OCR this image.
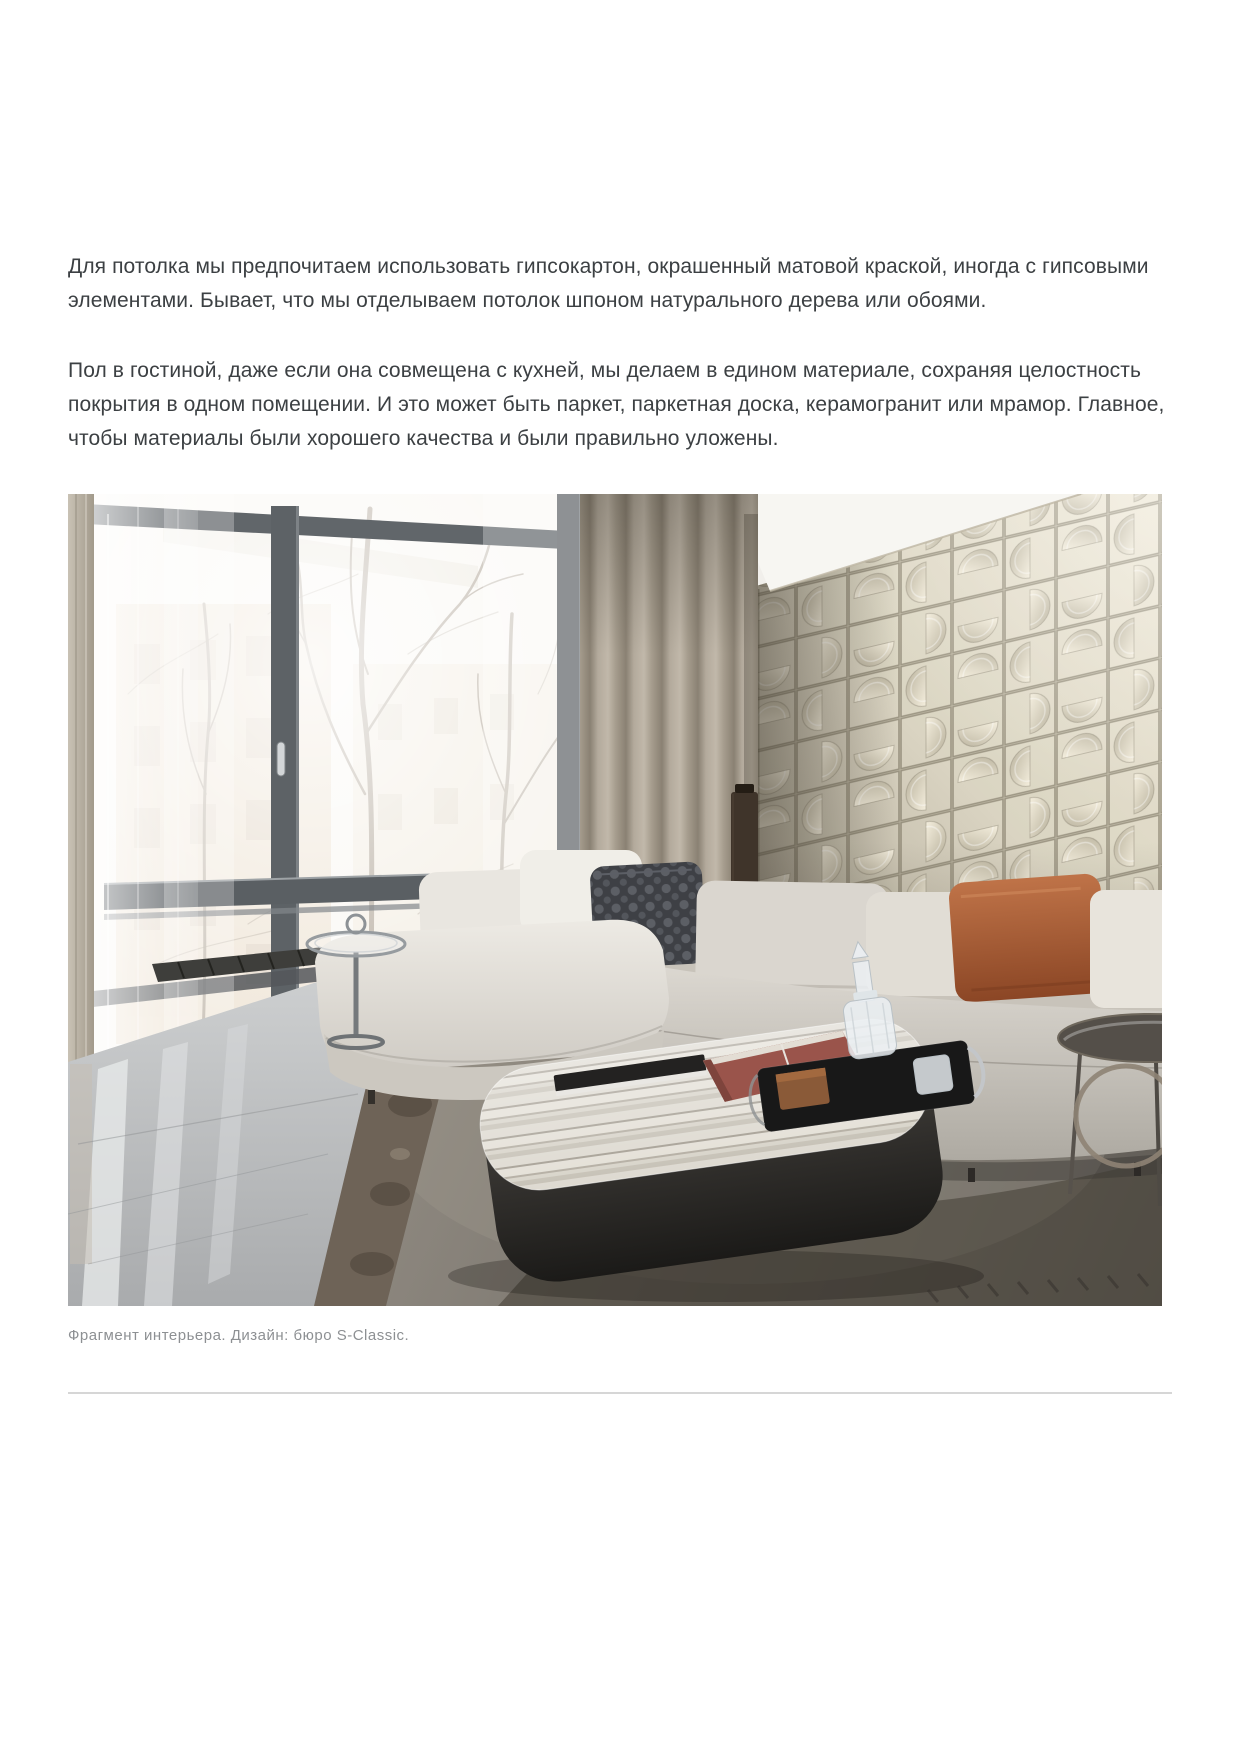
Для потолка мы предпочитаем использовать гипсокартон, окрашенный матовой краской, иногда с гипсовыми элементами. Бывает, что мы отделываем потолок шпоном натурального дерева или обоями.

Пол в гостиной, даже если она совмещена с кухней, мы делаем в едином материале, сохраняя целостность покрытия в одном помещении. И это может быть паркет, паркетная доска, керамогранит или мрамор. Главное, чтобы материалы были хорошего качества и были правильно уложены.

Фрагмент интерьера. Дизайн: бюро S-Classic.
